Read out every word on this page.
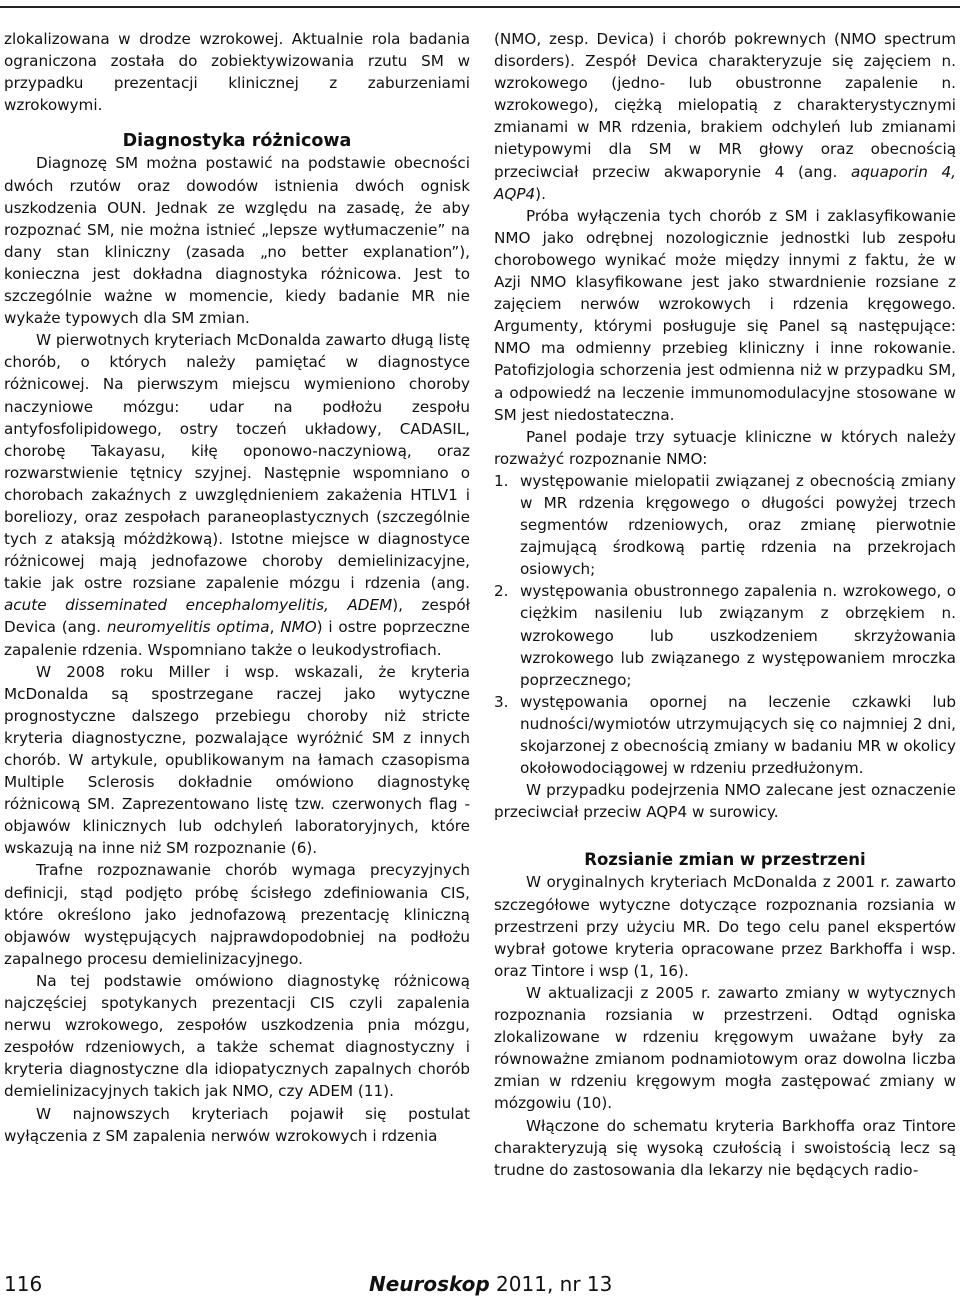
zlokalizowana w drodze wzrokowej. Aktualnie rola badania ograniczona została do zobiektywizowania rzutu SM w przypadku prezentacji klinicznej z zaburzeniami wzrokowymi.

Diagnostyka różnicowa

Diagnozę SM można postawić na podstawie obecności dwóch rzutów oraz dowodów istnienia dwóch ognisk uszkodzenia OUN. Jednak ze względu na zasadę, że aby rozpoznać SM, nie można istnieć „lepsze wytłumaczenie” na dany stan kliniczny (zasada „no better explanation”), konieczna jest dokładna diagnostyka różnicowa. Jest to szczególnie ważne w momencie, kiedy badanie MR nie wykaże typowych dla SM zmian.

W pierwotnych kryteriach McDonalda zawarto długą listę chorób, o których należy pamiętać w diagnostyce różnicowej. Na pierwszym miejscu wymieniono choroby naczyniowe mózgu: udar na podłożu zespołu antyfosfolipidowego, ostry toczeń układowy, CADASIL, chorobę Takayasu, kiłę oponowo-naczyniową, oraz rozwarstwienie tętnicy szyjnej. Następnie wspomniano o chorobach zakaźnych z uwzględnieniem zakażenia HTLV1 i boreliozy, oraz zespołach paraneoplastycznych (szczególnie tych z ataksją móżdżkową). Istotne miejsce w diagnostyce różnicowej mają jednofazowe choroby demielinizacyjne, takie jak ostre rozsiane zapalenie mózgu i rdzenia (ang. acute disseminated encephalomyelitis, ADEM), zespół Devica (ang. neuromyelitis optima, NMO) i ostre poprzeczne zapalenie rdzenia. Wspomniano także o leukodystrofiach.

W 2008 roku Miller i wsp. wskazali, że kryteria McDonalda są spostrzegane raczej jako wytyczne prognostyczne dalszego przebiegu choroby niż stricte kryteria diagnostyczne, pozwalające wyróżnić SM z innych chorób. W artykule, opublikowanym na łamach czasopisma Multiple Sclerosis dokładnie omówiono diagnostykę różnicową SM. Zaprezentowano listę tzw. czerwonych flag - objawów klinicznych lub odchyleń laboratoryjnych, które wskazują na inne niż SM rozpoznanie (6).

Trafne rozpoznawanie chorób wymaga precyzyjnych definicji, stąd podjęto próbę ścisłego zdefiniowania CIS, które określono jako jednofazową prezentację kliniczną objawów występujących najprawdopodobniej na podłożu zapalnego procesu demielinizacyjnego.

Na tej podstawie omówiono diagnostykę różnicową najczęściej spotykanych prezentacji CIS czyli zapalenia nerwu wzrokowego, zespołów uszkodzenia pnia mózgu, zespołów rdzeniowych, a także schemat diagnostyczny i kryteria diagnostyczne dla idiopatycznych zapalnych chorób demielinizacyjnych takich jak NMO, czy ADEM (11).

W najnowszych kryteriach pojawił się postulat wyłączenia z SM zapalenia nerwów wzrokowych i rdzenia

(NMO, zesp. Devica) i chorób pokrewnych (NMO spectrum disorders). Zespół Devica charakteryzuje się zajęciem n. wzrokowego (jedno- lub obustronne zapalenie n. wzrokowego), ciężką mielopatią z charakterystycznymi zmianami w MR rdzenia, brakiem odchyleń lub zmianami nietypowymi dla SM w MR głowy oraz obecnością przeciwciał przeciw akwaporynie 4 (ang. aquaporin 4, AQP4).

Próba wyłączenia tych chorób z SM i zaklasyfikowanie NMO jako odrębnej nozologicznie jednostki lub zespołu chorobowego wynikać może między innymi z faktu, że w Azji NMO klasyfikowane jest jako stwardnienie rozsiane z zajęciem nerwów wzrokowych i rdzenia kręgowego. Argumenty, którymi posługuje się Panel są następujące: NMO ma odmienny przebieg kliniczny i inne rokowanie. Patofizjologia schorzenia jest odmienna niż w przypadku SM, a odpowiedź na leczenie immunomodulacyjne stosowane w SM jest niedostateczna.

Panel podaje trzy sytuacje kliniczne w których należy rozważyć rozpoznanie NMO:

1. występowanie mielopatii związanej z obecnością zmiany w MR rdzenia kręgowego o długości powyżej trzech segmentów rdzeniowych, oraz zmianę pierwotnie zajmującą środkową partię rdzenia na przekrojach osiowych;
2. występowania obustronnego zapalenia n. wzrokowego, o ciężkim nasileniu lub związanym z obrzękiem n. wzrokowego lub uszkodzeniem skrzyżowania wzrokowego lub związanego z występowaniem mroczka poprzecznego;
3. występowania opornej na leczenie czkawki lub nudności/wymiotów utrzymujących się co najmniej 2 dni, skojarzonej z obecnością zmiany w badaniu MR w okolicy okołowodociągowej w rdzeniu przedłużonym.

W przypadku podejrzenia NMO zalecane jest oznaczenie przeciwciał przeciw AQP4 w surowicy.

Rozsianie zmian w przestrzeni

W oryginalnych kryteriach McDonalda z 2001 r. zawarto szczegółowe wytyczne dotyczące rozpoznania rozsiania w przestrzeni przy użyciu MR. Do tego celu panel ekspertów wybrał gotowe kryteria opracowane przez Barkhoffa i wsp. oraz Tintore i wsp (1, 16).

W aktualizacji z 2005 r. zawarto zmiany w wytycznych rozpoznania rozsiania w przestrzeni. Odtąd ogniska zlokalizowane w rdzeniu kręgowym uważane były za równoważne zmianom podnamiotowym oraz dowolna liczba zmian w rdzeniu kręgowym mogła zastępować zmiany w mózgowiu (10).

Włączone do schematu kryteria Barkhoffa oraz Tintore charakteryzują się wysoką czułością i swoistością lecz są trudne do zastosowania dla lekarzy nie będących radio-

116	Neuroskop 2011, nr 13
